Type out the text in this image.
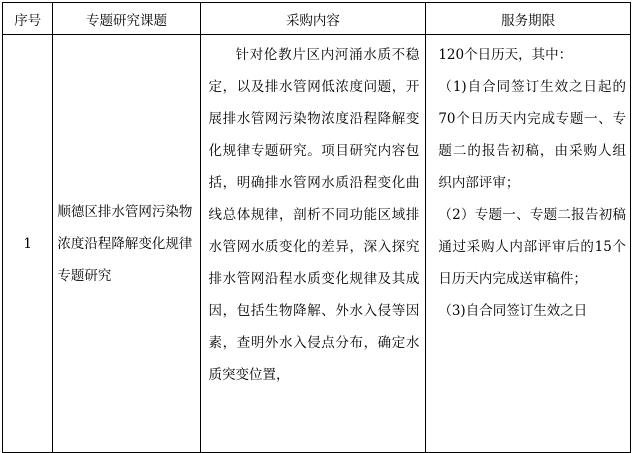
序号	专题研究课题	采购内容	服务期限
1	顺德区排水管网污染物浓度沿程降解变化规律专题研究	针对伦教片区内河涌水质不稳定，以及排水管网低浓度问题，开展排水管网污染物浓度沿程降解变化规律专题研究。项目研究内容包括，明确排水管网水质沿程变化曲线总体规律，剖析不同功能区域排水管网水质变化的差异，深入探究排水管网沿程水质变化规律及其成因，包括生物降解、外水入侵等因素，查明外水入侵点分布，确定水质突变位置，	120个日历天，其中：

（1)自合同签订生效之日起的70个日历天内完成专题一、专题二的报告初稿，由采购人组织内部评审；

（2）专题一、专题二报告初稿通过采购人内部评审后的15个日历天内完成送审稿件；

（3)自合同签订生效之日
